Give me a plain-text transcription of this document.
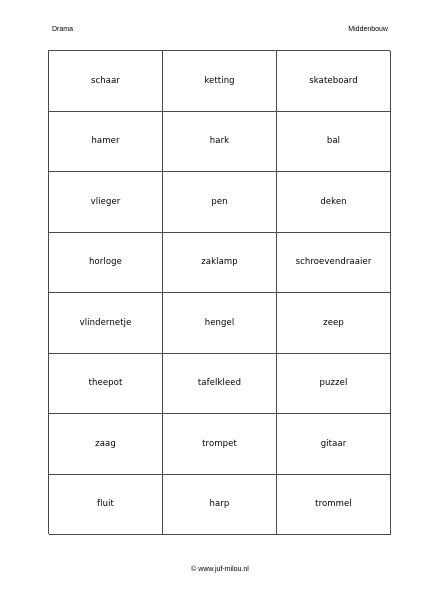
Drama	Middenbouw
schaar	ketting	skateboard
hamer	hark	bal
vlieger	pen	deken
horloge	zaklamp	schroevendraaier
vlindernetje	hengel	zeep
theepot	tafelkleed	puzzel
zaag	trompet	gitaar
fluit	harp	trommel
© www.juf-milou.nl
